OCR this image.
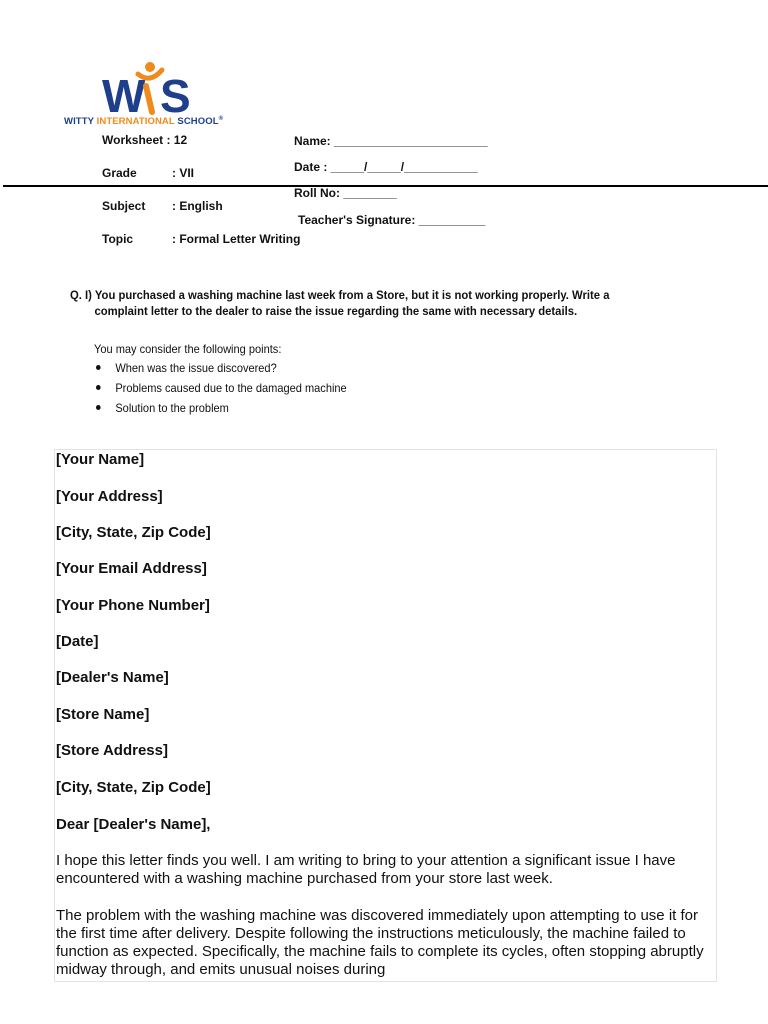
W S
WITTY INTERNATIONAL SCHOOL®
Worksheet : 12
Grade	: VII
Subject : English
Topic	: Formal Letter Writing
Name: _______________________
Date : _____/_____/___________
Roll No: ________
Teacher's Signature: __________
Q. I) You purchased a washing machine last week from a Store, but it is not working properly. Write a
complaint letter to the dealer to raise the issue regarding the same with necessary details.
You may consider the following points:
When was the issue discovered?
Problems caused due to the damaged machine
Solution to the problem
[Your Name]
[Your Address]
[City, State, Zip Code]
[Your Email Address]
[Your Phone Number]
[Date]
[Dealer's Name]
[Store Name]
[Store Address]
[City, State, Zip Code]
Dear [Dealer's Name],
I hope this letter finds you well. I am writing to bring to your attention a significant issue I have encountered with a washing machine purchased from your store last week.
The problem with the washing machine was discovered immediately upon attempting to use it for the first time after delivery. Despite following the instructions meticulously, the machine failed to function as expected. Specifically, the machine fails to complete its cycles, often stopping abruptly midway through, and emits unusual noises during
